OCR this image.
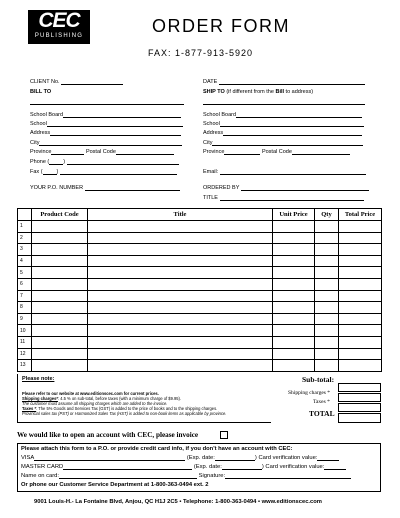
CEC
PUBLISHING	ORDER FORM
FAX: 1-877-913-5920
CLIENT No.
BILL TO
School Board
School
Address
City
Province	Postal Code
Phone (	)
Fax (	)
YOUR P.O. NUMBER
DATE
SHIP TO (if different from the Bill to address)
School Board
School
Address
City
Province	Postal Code
Email:
ORDERED BY
TITLE
	Product Code	Title	Unit Price	Qty	Total Price
1					
2					
3					
4					
5					
6					
7					
8					
9					
10					
11					
12					
13					
Please note:
Please refer to our website at www.editionscec.com for current prices.
Shipping charges*: 4.5 % on sub-total, before taxes (with a minimum charge of $9.95).
The customer must assume all shipping charges which are added to the invoice.
Taxes *: The 5% Goods and Services Tax (GST) is added to the price of books and to the shipping charges.
Provincial sales tax (PST) or Harmonized Sales Tax (HST) is added to non-book items as applicable by province.
Sub-total:
Shipping charges *
Taxes *
TOTAL
We would like to open an account with CEC, please invoice
Please attach this form to a P.O. or provide credit card info, if you don't have an account with CEC:
VISA	(Exp. date:	) Card verification value:
MASTER CARD	(Exp. date:	) Card verification value:
Name on card:	Signature:
Or phone our Customer Service Department at 1-800-363-0494 ext. 2
9001 Louis-H.- La Fontaine Blvd, Anjou, QC H1J 2C5 • Telephone: 1-800-363-0494 • www.editionscec.com
